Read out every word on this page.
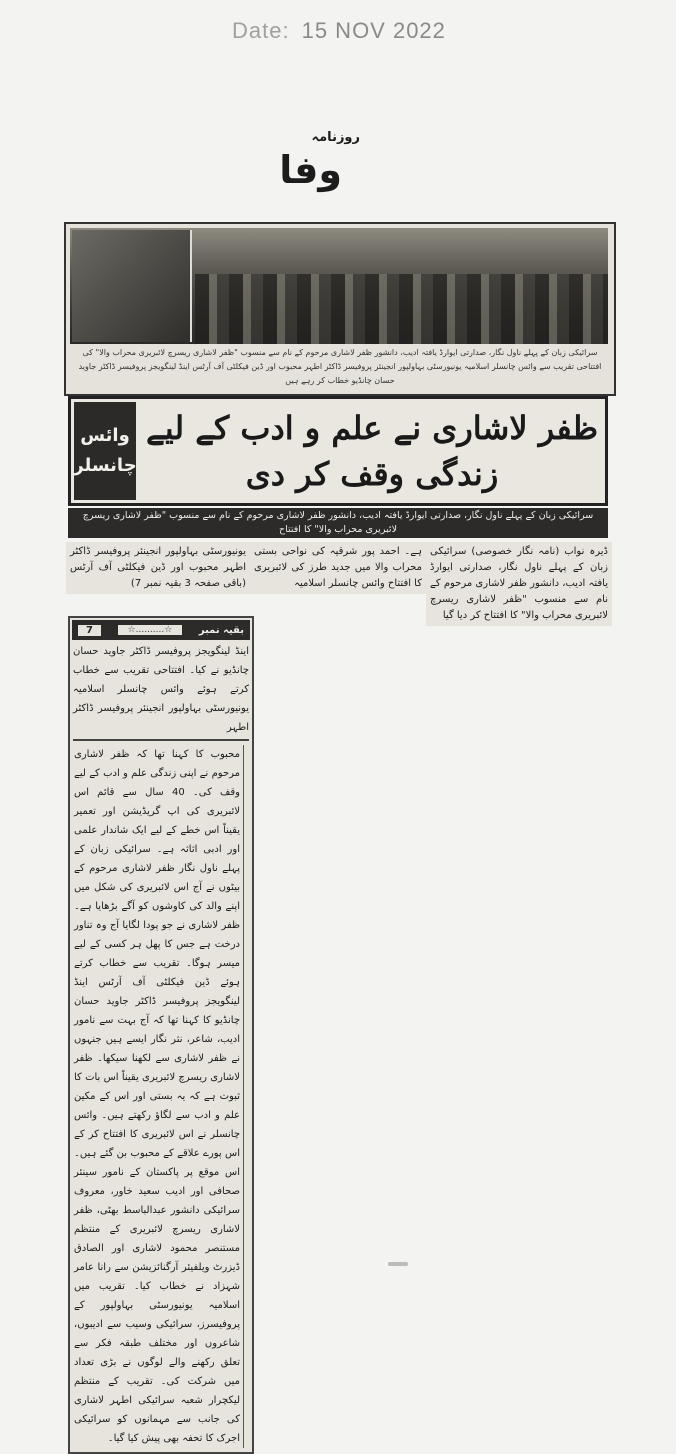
Date: 15 NOV 2022
روزنامہ
وفا
سرائیکی زبان کے پہلے ناول نگار، صدارتی ایوارڈ یافتہ ادیب، دانشور ظفر لاشاری مرحوم کے نام سے منسوب "ظفر لاشاری ریسرچ لائبریری محراب والا" کی افتتاحی تقریب سے وائس چانسلر اسلامیہ یونیورسٹی بہاولپور انجینئر پروفیسر ڈاکٹر اطہر محبوب اور ڈین فیکلٹی آف آرٹس اینڈ لینگویجز پروفیسر ڈاکٹر جاوید حسان چانڈیو خطاب کر رہے ہیں
وائس
چانسلر
ظفر لاشاری نے علم و ادب کے لیے زندگی وقف کر دی
سرائیکی زبان کے پہلے ناول نگار، صدارتی ایوارڈ یافتہ ادیب، دانشور ظفر لاشاری مرحوم کے نام سے منسوب "ظفر لاشاری ریسرچ لائبریری محراب والا" کا افتتاح
ڈیرہ نواب (نامہ نگار خصوصی) سرائیکی زبان کے پہلے ناول نگار، صدارتی ایوارڈ یافتہ ادیب، دانشور ظفر لاشاری مرحوم کے نام سے منسوب "ظفر لاشاری ریسرچ لائبریری محراب والا" کا افتتاح کر دیا گیا
ہے۔ احمد پور شرقیہ کی نواحی بستی محراب والا میں جدید طرز کی لائبریری کا افتتاح وائس چانسلر اسلامیہ
یونیورسٹی بہاولپور انجینئر پروفیسر ڈاکٹر اطہر محبوب اور ڈین فیکلٹی آف آرٹس (باقی صفحہ 3 بقیہ نمبر 7)
بقیہ نمبر
☆..........☆
7
اینڈ لینگویجز پروفیسر ڈاکٹر جاوید حسان چانڈیو نے کیا۔ افتتاحی تقریب سے خطاب کرتے ہوئے وائس چانسلر اسلامیہ یونیورسٹی بہاولپور انجینئر پروفیسر ڈاکٹر اطہر
محبوب کا کہنا تھا کہ ظفر لاشاری مرحوم نے اپنی زندگی علم و ادب کے لیے وقف کی۔ 40 سال سے قائم اس لائبریری کی اپ گریڈیشن اور تعمیر یقیناً اس خطے کے لیے ایک شاندار علمی اور ادبی اثاثہ ہے۔ سرائیکی زبان کے پہلے ناول نگار ظفر لاشاری مرحوم کے بیٹوں نے آج اس لائبریری کی شکل میں اپنے والد کی کاوشوں کو آگے بڑھایا ہے۔ ظفر لاشاری نے جو پودا لگایا آج وہ تناور درخت ہے جس کا پھل ہر کسی کے لیے میسر ہوگا۔ تقریب سے خطاب کرتے ہوئے ڈین فیکلٹی آف آرٹس اینڈ لینگویجز پروفیسر ڈاکٹر جاوید حسان چانڈیو کا کہنا تھا کہ آج بہت سے نامور ادیب، شاعر، نثر نگار ایسے ہیں جنہوں نے ظفر لاشاری سے لکھنا سیکھا۔ ظفر لاشاری ریسرچ لائبریری یقیناً اس بات کا ثبوت ہے کہ یہ بستی اور اس کے مکین علم و ادب سے لگاؤ رکھتے ہیں۔ وائس چانسلر نے اس لائبریری کا افتتاح کر کے اس پورے علاقے کے محبوب بن گئے ہیں۔ اس موقع پر پاکستان کے نامور سینئر صحافی اور ادیب سعید خاور، معروف سرائیکی دانشور عبدالباسط بھٹی، ظفر لاشاری ریسرچ لائبریری کے منتظم مستنصر محمود لاشاری اور الصادق ڈیزرٹ ویلفیئر آرگنائزیشن سے رانا عامر شہزاد نے خطاب کیا۔ تقریب میں اسلامیہ یونیورسٹی بہاولپور کے پروفیسرز، سرائیکی وسیب سے ادیبوں، شاعروں اور مختلف طبقہ فکر سے تعلق رکھنے والے لوگوں نے بڑی تعداد میں شرکت کی۔ تقریب کے منتظم لیکچرار شعبہ سرائیکی اطہر لاشاری کی جانب سے مہمانوں کو سرائیکی اجرک کا تحفہ بھی پیش کیا گیا۔
